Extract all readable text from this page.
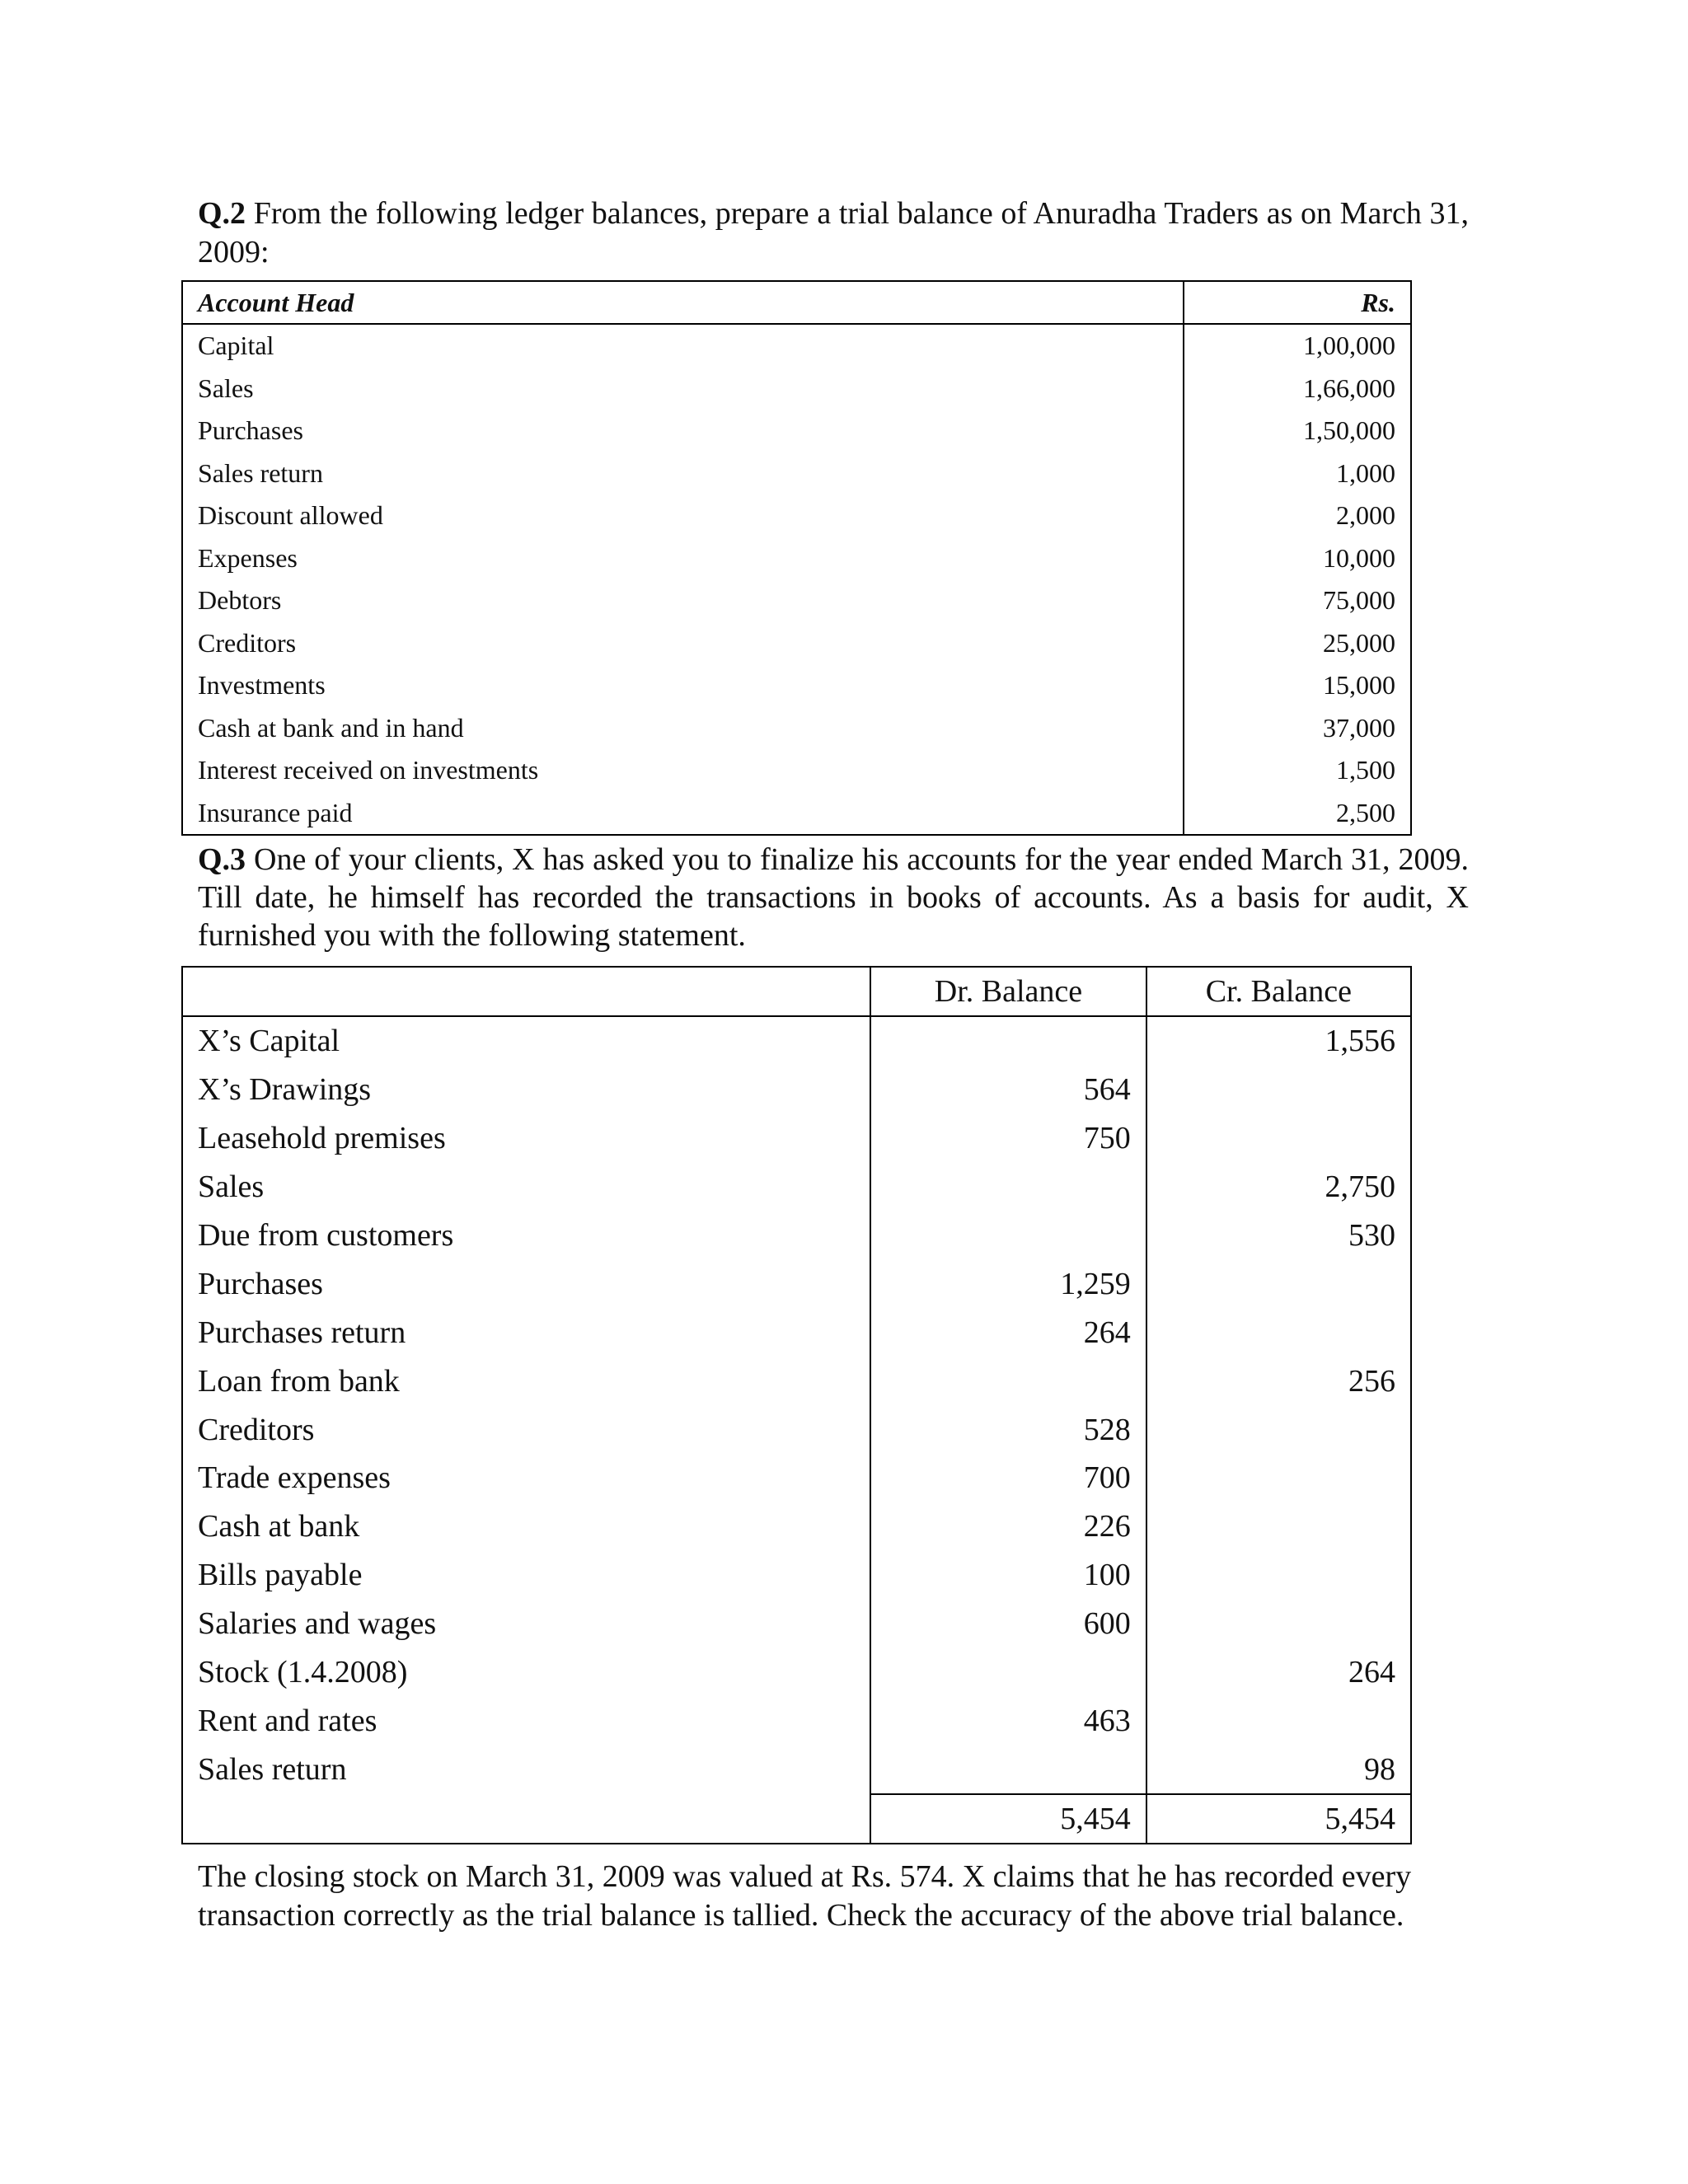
Q.2 From the following ledger balances, prepare a trial balance of Anuradha Traders as on March 31, 2009:

Account Head	Rs.
Capital	1,00,000
Sales	1,66,000
Purchases	1,50,000
Sales return	1,000
Discount allowed	2,000
Expenses	10,000
Debtors	75,000
Creditors	25,000
Investments	15,000
Cash at bank and in hand	37,000
Interest received on investments	1,500
Insurance paid	2,500

Q.3 One of your clients, X has asked you to finalize his accounts for the year ended March 31, 2009. Till date, he himself has recorded the transactions in books of accounts. As a basis for audit, X furnished you with the following statement.

	Dr. Balance	Cr. Balance
X’s Capital		1,556
X’s Drawings	564	
Leasehold premises	750	
Sales		2,750
Due from customers		530
Purchases	1,259	
Purchases return	264	
Loan from bank		256
Creditors	528	
Trade expenses	700	
Cash at bank	226	
Bills payable	100	
Salaries and wages	600	
Stock (1.4.2008)		264
Rent and rates	463	
Sales return		98
	5,454	5,454

The closing stock on March 31, 2009 was valued at Rs. 574. X claims that he has recorded every transaction correctly as the trial balance is tallied. Check the accuracy of the above trial balance.
